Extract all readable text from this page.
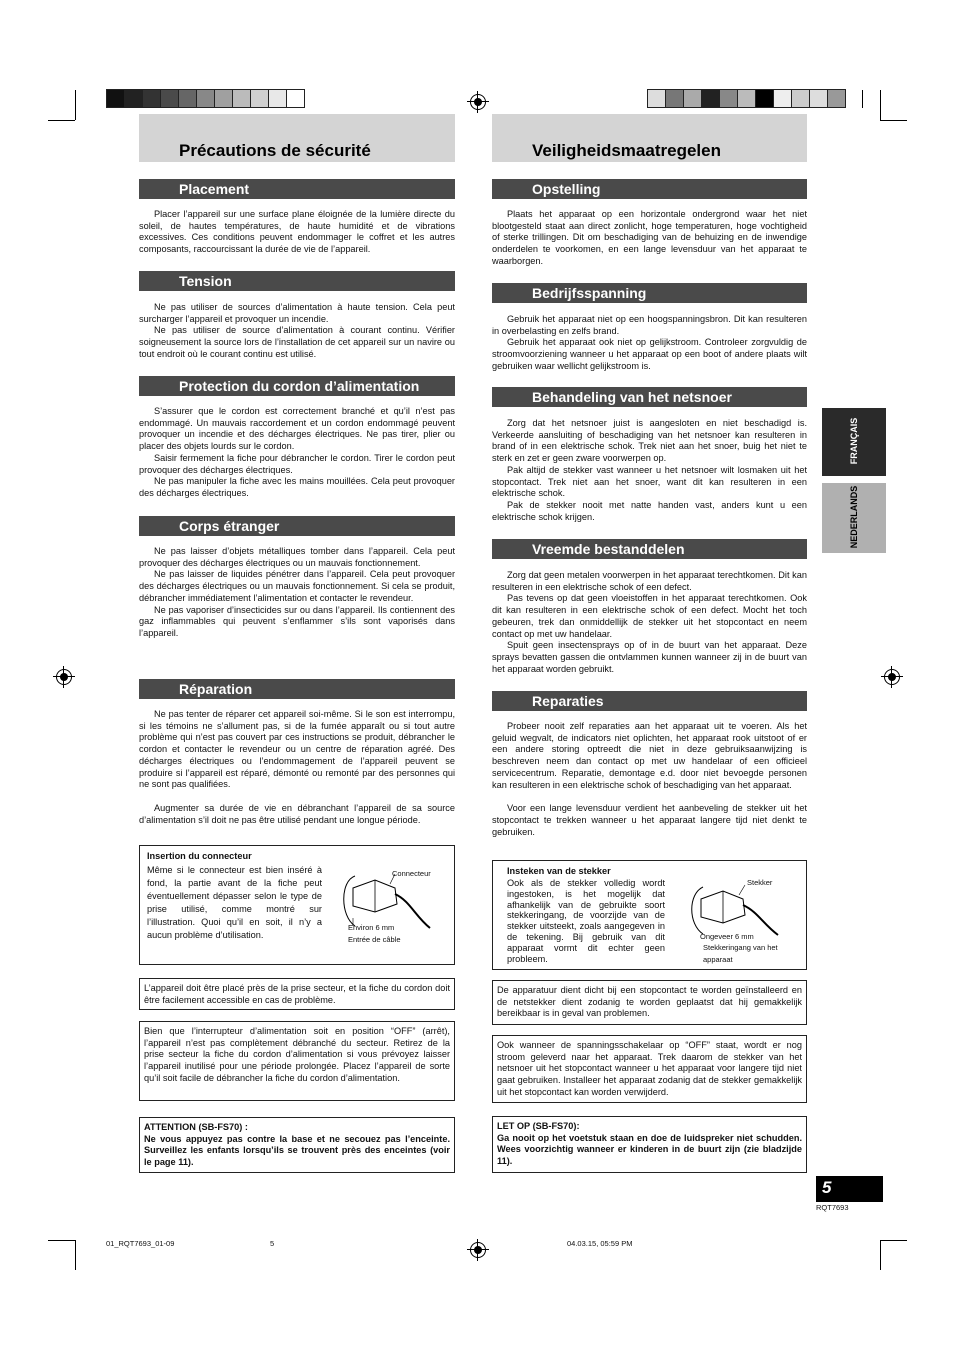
Précautions de sécurité
Placement

Placer l’appareil sur une surface plane éloignée de la lumière directe du soleil, de hautes températures, de haute humidité et de vibrations excessives. Ces conditions peuvent endommager le coffret et les autres composants, raccourcissant la durée de vie de l’appareil.

Tension

Ne pas utiliser de sources d’alimentation à haute tension. Cela peut surcharger l’appareil et provoquer un incendie.

Ne pas utiliser de source d’alimentation à courant continu. Vérifier soigneusement la source lors de l’installation de cet appareil sur un navire ou tout endroit où le courant continu est utilisé.

Protection du cordon d’alimentation

S’assurer que le cordon est correctement branché et qu’il n’est pas endommagé. Un mauvais raccordement et un cordon endommagé peuvent provoquer un incendie et des décharges électriques. Ne pas tirer, plier ou placer des objets lourds sur le cordon.

Saisir fermement la fiche pour débrancher le cordon. Tirer le cordon peut provoquer des décharges électriques.

Ne pas manipuler la fiche avec les mains mouillées. Cela peut provoquer des décharges électriques.

Corps étranger

Ne pas laisser d’objets métalliques tomber dans l’appareil. Cela peut provoquer des décharges électriques ou un mauvais fonctionnement.

Ne pas laisser de liquides pénétrer dans l’appareil. Cela peut provoquer des décharges électriques ou un mauvais fonctionnement. Si cela se produit, débrancher immédiatement l’alimentation et contacter le revendeur.

Ne pas vaporiser d’insecticides sur ou dans l’appareil. Ils contiennent des gaz inflammables qui peuvent s’enflammer s’ils sont vaporisés dans l’appareil.

Réparation

Ne pas tenter de réparer cet appareil soi-même. Si le son est interrompu, si les témoins ne s’allument pas, si de la fumée apparaît ou si tout autre problème qui n’est pas couvert par ces instructions se produit, débrancher le cordon et contacter le revendeur ou un centre de réparation agréé. Des décharges électriques ou l’endommagement de l’appareil peuvent se produire si l’appareil est réparé, démonté ou remonté par des personnes qui ne sont pas qualifiées.

Augmenter sa durée de vie en débranchant l’appareil de sa source d’alimentation s’il doit ne pas être utilisé pendant une longue période.

Insertion du connecteur
Même si le connecteur est bien inséré à fond, la partie avant de la fiche peut éventuellement dépasser selon le type de prise utilisé, comme montré sur l’illustration. Quoi qu’il en soit, il n’y a aucun problème d’utilisation.
Connecteur
Environ 6 mm
Entrée de câble
L’appareil doit être placé près de la prise secteur, et la fiche du cordon doit être facilement accessible en cas de problème.
Bien que l’interrupteur d’alimentation soit en position “OFF” (arrêt), l’appareil n’est pas complètement débranché du secteur. Retirez de la prise secteur la fiche du cordon d’alimentation si vous prévoyez laisser l’appareil inutilisé pour une période prolongée. Placez l’appareil de sorte qu’il soit facile de débrancher la fiche du cordon d’alimentation.
ATTENTION (SB-FS70) :
Ne vous appuyez pas contre la base et ne secouez pas l’enceinte. Surveillez les enfants lorsqu’ils se trouvent près des enceintes (voir le page 11).
Veiligheidsmaatregelen
Opstelling

Plaats het apparaat op een horizontale ondergrond waar het niet blootgesteld staat aan direct zonlicht, hoge temperaturen, hoge vochtigheid of sterke trillingen. Dit om beschadiging van de behuizing en de inwendige onderdelen te voorkomen, en een lange levensduur van het apparaat te waarborgen.

Bedrijfsspanning

Gebruik het apparaat niet op een hoogspanningsbron. Dit kan resulteren in overbelasting en zelfs brand.

Gebruik het apparaat ook niet op gelijkstroom. Controleer zorgvuldig de stroomvoorziening wanneer u het apparaat op een boot of andere plaats wilt gebruiken waar wellicht gelijkstroom is.

Behandeling van het netsnoer

Zorg dat het netsnoer juist is aangesloten en niet beschadigd is. Verkeerde aansluiting of beschadiging van het netsnoer kan resulteren in brand of in een elektrische schok. Trek niet aan het snoer, buig het niet te sterk en zet er geen zware voorwerpen op.

Pak altijd de stekker vast wanneer u het netsnoer wilt losmaken uit het stopcontact. Trek niet aan het snoer, want dit kan resulteren in een elektrische schok.

Pak de stekker nooit met natte handen vast, anders kunt u een elektrische schok krijgen.

Vreemde bestanddelen

Zorg dat geen metalen voorwerpen in het apparaat terechtkomen. Dit kan resulteren in een elektrische schok of een defect.

Pas tevens op dat geen vloeistoffen in het apparaat terechtkomen. Ook dit kan resulteren in een elektrische schok of een defect. Mocht het toch gebeuren, trek dan onmiddellijk de stekker uit het stopcontact en neem contact op met uw handelaar.

Spuit geen insectensprays op of in de buurt van het apparaat. Deze sprays bevatten gassen die ontvlammen kunnen wanneer zij in de buurt van het apparaat worden gebruikt.

Reparaties

Probeer nooit zelf reparaties aan het apparaat uit te voeren. Als het geluid wegvalt, de indicators niet oplichten, het apparaat rook uitstoot of er een andere storing optreedt die niet in deze gebruiksaanwijzing is beschreven neem dan contact op met uw handelaar of een officieel servicecentrum. Reparatie, demontage e.d. door niet bevoegde personen kan resulteren in een elektrische schok of beschadiging van het apparaat.

Voor een lange levensduur verdient het aanbeveling de stekker uit het stopcontact te trekken wanneer u het apparaat langere tijd niet denkt te gebruiken.

Insteken van de stekker
Ook als de stekker volledig wordt ingestoken, is het mogelijk dat afhankelijk van de gebruikte soort stekkeringang, de voorzijde van de stekker uitsteekt, zoals aangegeven in de tekening. Bij gebruik van dit apparaat vormt dit echter geen probleem.
Stekker
Ongeveer 6 mm
Stekkeringang van het apparaat
De apparatuur dient dicht bij een stopcontact te worden geïnstalleerd en de netstekker dient zodanig te worden geplaatst dat hij gemakkelijk bereikbaar is in geval van problemen.
Ook wanneer de spanningsschakelaar op “OFF” staat, wordt er nog stroom geleverd naar het apparaat. Trek daarom de stekker van het netsnoer uit het stopcontact wanneer u het apparaat voor langere tijd niet gaat gebruiken. Installeer het apparaat zodanig dat de stekker gemakkelijk uit het stopcontact kan worden verwijderd.
LET OP (SB-FS70):
Ga nooit op het voetstuk staan en doe de luidspreker niet schudden. Wees voorzichtig wanneer er kinderen in de buurt zijn (zie bladzijde 11).
FRANÇAIS
NEDERLANDS
5
RQT7693
01_RQT7693_01-09	5	04.03.15, 05:59 PM
